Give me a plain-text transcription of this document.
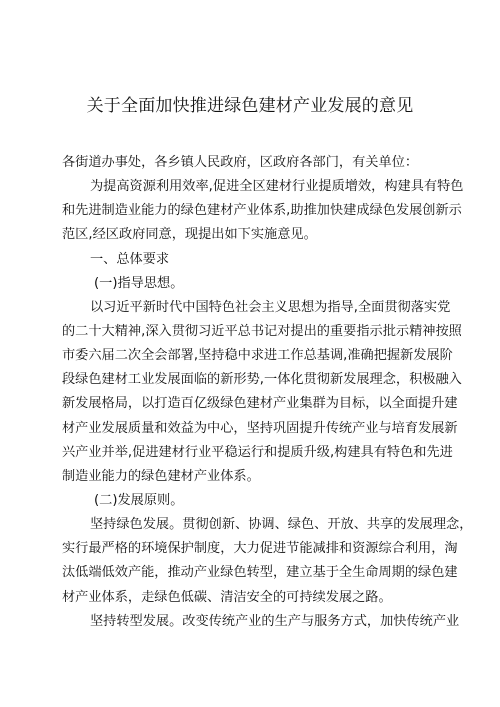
关于全面加快推进绿色建材产业发展的意见
各街道办事处，各乡镇人民政府，区政府各部门，有关单位：
为提高资源利用效率,促进全区建材行业提质增效，构建具有特色
和先进制造业能力的绿色建材产业体系,助推加快建成绿色发展创新示
范区,经区政府同意，现提出如下实施意见。
一、总体要求
(一)指导思想。
以习近平新时代中国特色社会主义思想为指导,全面贯彻落实党
的二十大精神,深入贯彻习近平总书记对提出的重要指示批示精神按照
市委六届二次全会部署,坚持稳中求进工作总基调,准确把握新发展阶
段绿色建材工业发展面临的新形势,一体化贯彻新发展理念，积极融入
新发展格局，以打造百亿级绿色建材产业集群为目标，以全面提升建
材产业发展质量和效益为中心，坚持巩固提升传统产业与培育发展新
兴产业并举,促进建材行业平稳运行和提质升级,构建具有特色和先进
制造业能力的绿色建材产业体系。
(二)发展原则。
坚持绿色发展。贯彻创新、协调、绿色、开放、共享的发展理念，
实行最严格的环境保护制度，大力促进节能减排和资源综合利用，淘
汰低端低效产能，推动产业绿色转型，建立基于全生命周期的绿色建
材产业体系，走绿色低碳、清洁安全的可持续发展之路。
坚持转型发展。改变传统产业的生产与服务方式，加快传统产业
